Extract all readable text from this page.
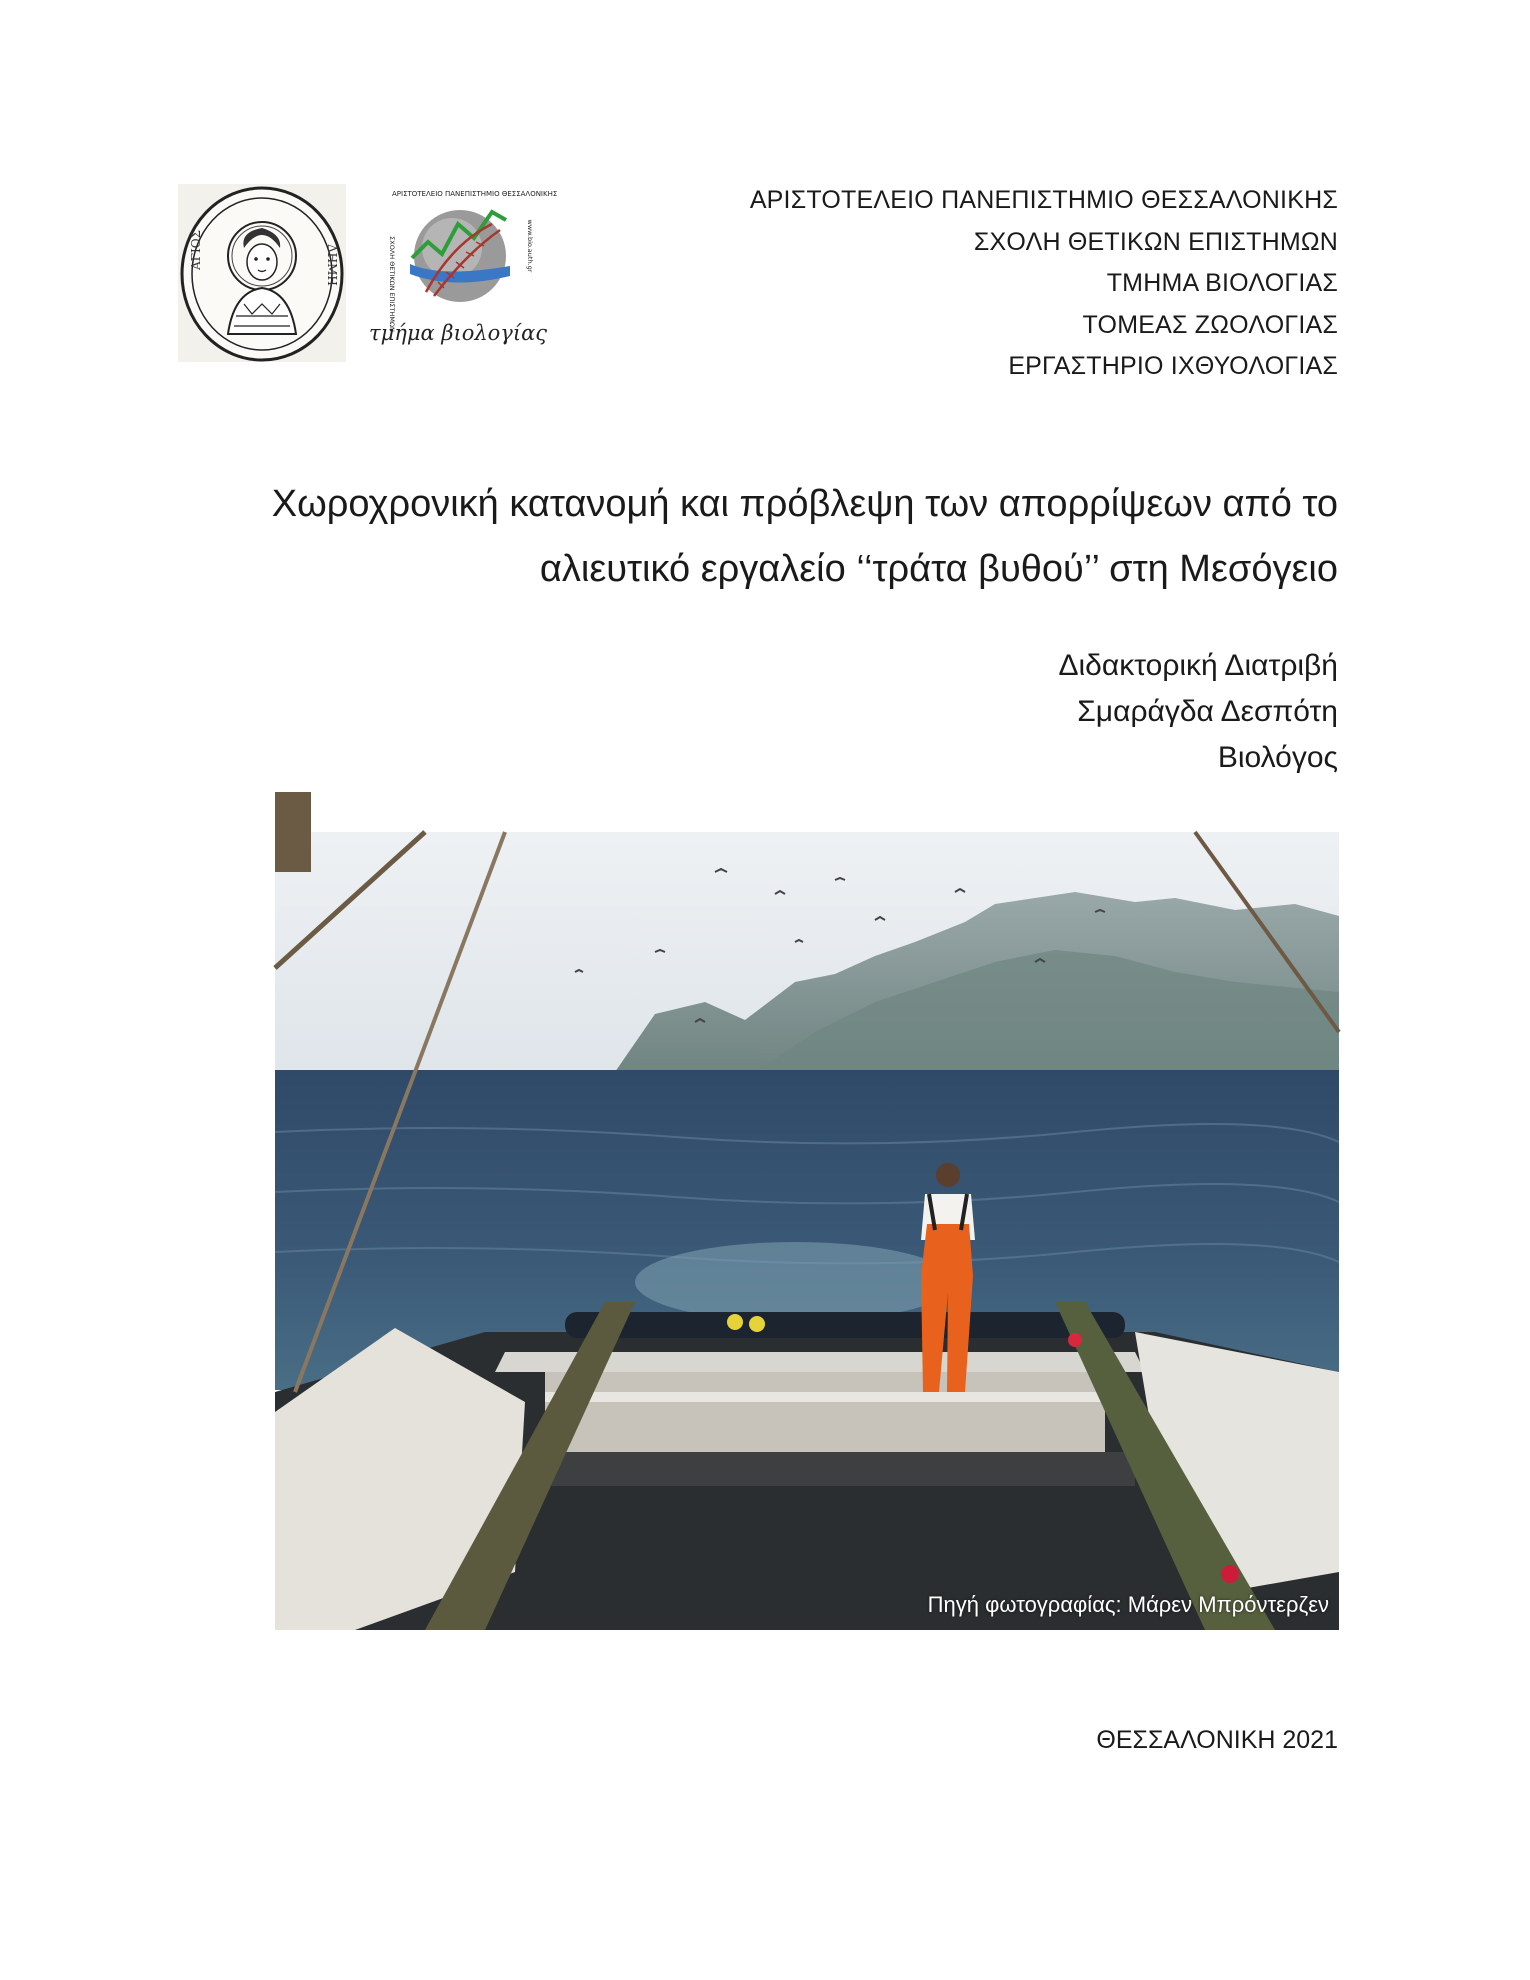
ΑΓΙΟΣ	ΔΗΜΗ
ΑΡΙΣΤΟΤΕΛΕΙΟ ΠΑΝΕΠΙΣΤΗΜΙΟ ΘΕΣΣΑΛΟΝΙΚΗΣ
ΣΧΟΛΗ ΘΕΤΙΚΩΝ ΕΠΙΣΤΗΜΩΝ	www.bio.auth.gr
τμήμα βιολογίας
ΑΡΙΣΤΟΤΕΛΕΙΟ ΠΑΝΕΠΙΣΤΗΜΙΟ ΘΕΣΣΑΛΟΝΙΚΗΣ
ΣΧΟΛΗ ΘΕΤΙΚΩΝ ΕΠΙΣΤΗΜΩΝ
ΤΜΗΜΑ ΒΙΟΛΟΓΙΑΣ
ΤΟΜΕΑΣ ΖΩΟΛΟΓΙΑΣ
ΕΡΓΑΣΤΗΡΙΟ ΙΧΘΥΟΛΟΓΙΑΣ
Χωροχρονική κατανομή και πρόβλεψη των απορρίψεων από το
αλιευτικό εργαλείο ‘‘τράτα βυθού’’ στη Μεσόγειο
Διδακτορική Διατριβή
Σμαράγδα Δεσπότη
Βιολόγος
Πηγή φωτογραφίας: Μάρεν Μπρόντερζεν
ΘΕΣΣΑΛΟΝΙΚΗ 2021
